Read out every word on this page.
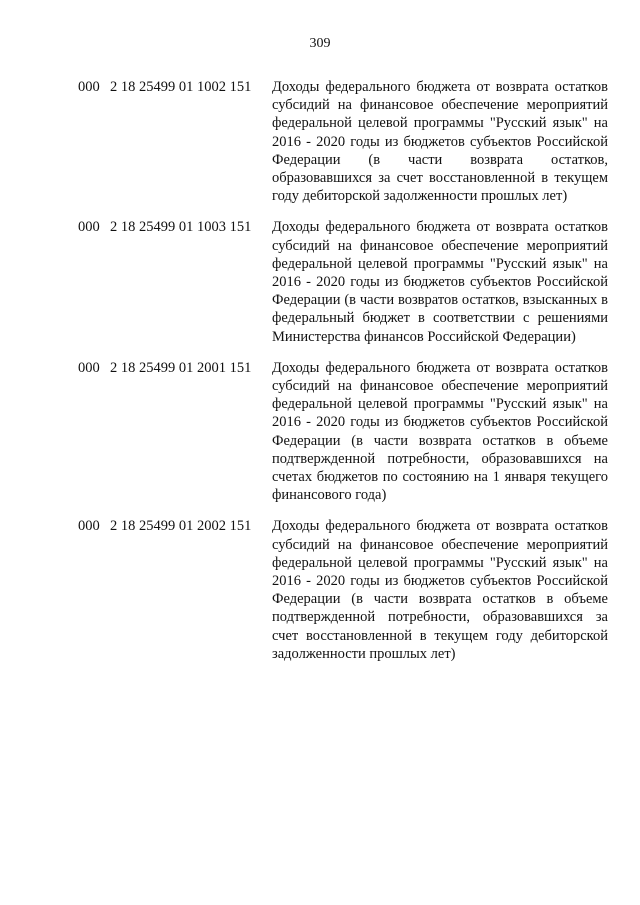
309
000 2 18 25499 01 1002 151	Доходы федерального бюджета от возврата остатков субсидий на финансовое обеспечение мероприятий федеральной целевой программы "Русский язык" на 2016 - 2020 годы из бюджетов субъектов Российской Федерации (в части возврата остатков, образовавшихся за счет восстановленной в текущем году дебиторской задолженности прошлых лет)
000 2 18 25499 01 1003 151	Доходы федерального бюджета от возврата остатков субсидий на финансовое обеспечение мероприятий федеральной целевой программы "Русский язык" на 2016 - 2020 годы из бюджетов субъектов Российской Федерации (в части возвратов остатков, взысканных в федеральный бюджет в соответствии с решениями Министерства финансов Российской Федерации)
000 2 18 25499 01 2001 151	Доходы федерального бюджета от возврата остатков субсидий на финансовое обеспечение мероприятий федеральной целевой программы "Русский язык" на 2016 - 2020 годы из бюджетов субъектов Российской Федерации (в части возврата остатков в объеме подтвержденной потребности, образовавшихся на счетах бюджетов по состоянию на 1 января текущего финансового года)
000 2 18 25499 01 2002 151	Доходы федерального бюджета от возврата остатков субсидий на финансовое обеспечение мероприятий федеральной целевой программы "Русский язык" на 2016 - 2020 годы из бюджетов субъектов Российской Федерации (в части возврата остатков в объеме подтвержденной потребности, образовавшихся за счет восстановленной в текущем году дебиторской задолженности прошлых лет)
